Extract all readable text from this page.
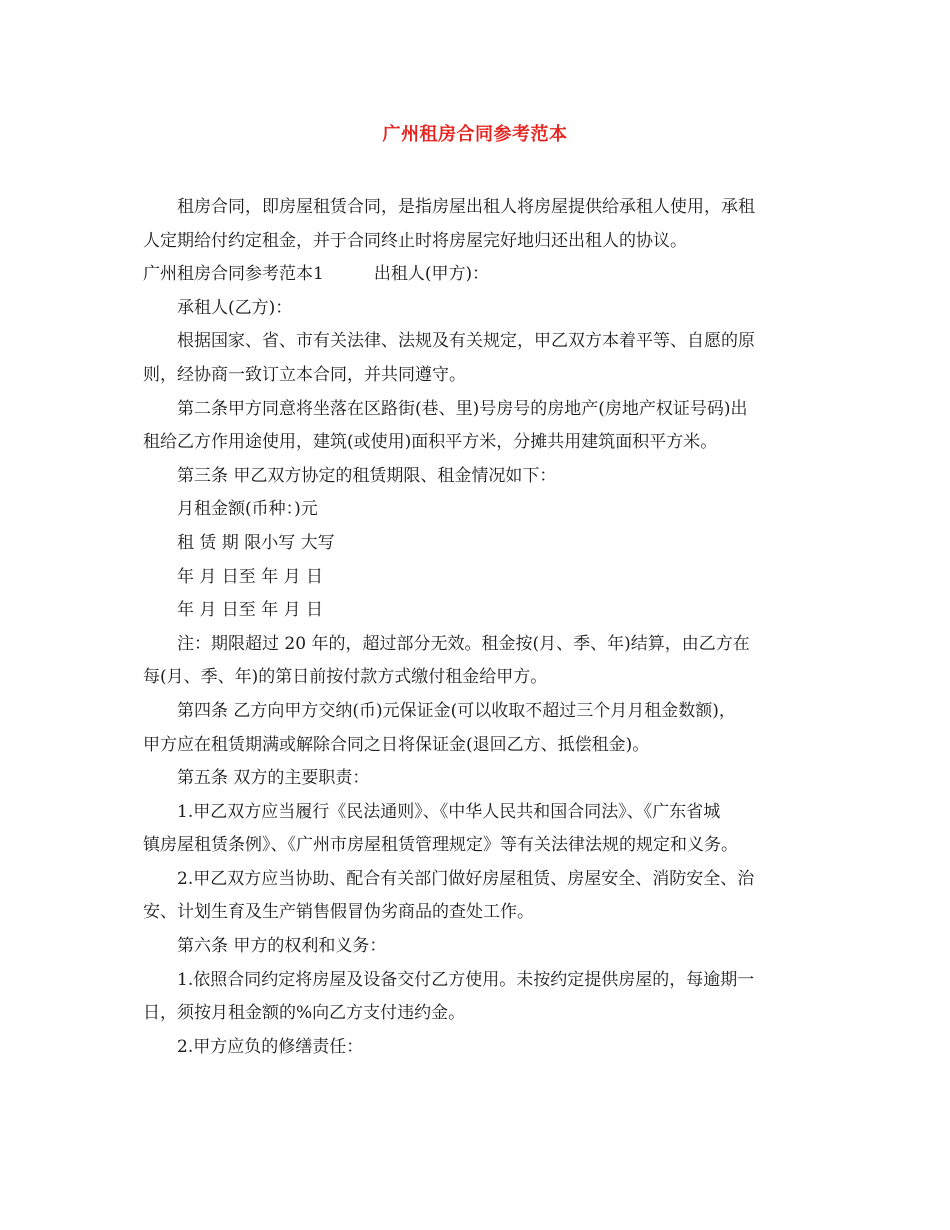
广州租房合同参考范本
租房合同，即房屋租赁合同，是指房屋出租人将房屋提供给承租人使用，承租
人定期给付约定租金，并于合同终止时将房屋完好地归还出租人的协议。
广州租房合同参考范本1	出租人(甲方)：
承租人(乙方)：
根据国家、省、市有关法律、法规及有关规定，甲乙双方本着平等、自愿的原
则，经协商一致订立本合同，并共同遵守。
第二条甲方同意将坐落在区路街(巷、里)号房号的房地产(房地产权证号码)出
租给乙方作用途使用，建筑(或使用)面积平方米，分摊共用建筑面积平方米。
第三条 甲乙双方协定的租赁期限、租金情况如下：
月租金额(币种：)元
租 赁 期 限小写 大写
年 月 日至 年 月 日
年 月 日至 年 月 日
注：期限超过 20 年的，超过部分无效。租金按(月、季、年)结算，由乙方在
每(月、季、年)的第日前按付款方式缴付租金给甲方。
第四条 乙方向甲方交纳(币)元保证金(可以收取不超过三个月月租金数额)，
甲方应在租赁期满或解除合同之日将保证金(退回乙方、抵偿租金)。
第五条 双方的主要职责：
1.甲乙双方应当履行《民法通则》、《中华人民共和国合同法》、《广东省城
镇房屋租赁条例》、《广州市房屋租赁管理规定》等有关法律法规的规定和义务。
2.甲乙双方应当协助、配合有关部门做好房屋租赁、房屋安全、消防安全、治
安、计划生育及生产销售假冒伪劣商品的查处工作。
第六条 甲方的权利和义务：
1.依照合同约定将房屋及设备交付乙方使用。未按约定提供房屋的，每逾期一
日，须按月租金额的%向乙方支付违约金。
2.甲方应负的修缮责任：
